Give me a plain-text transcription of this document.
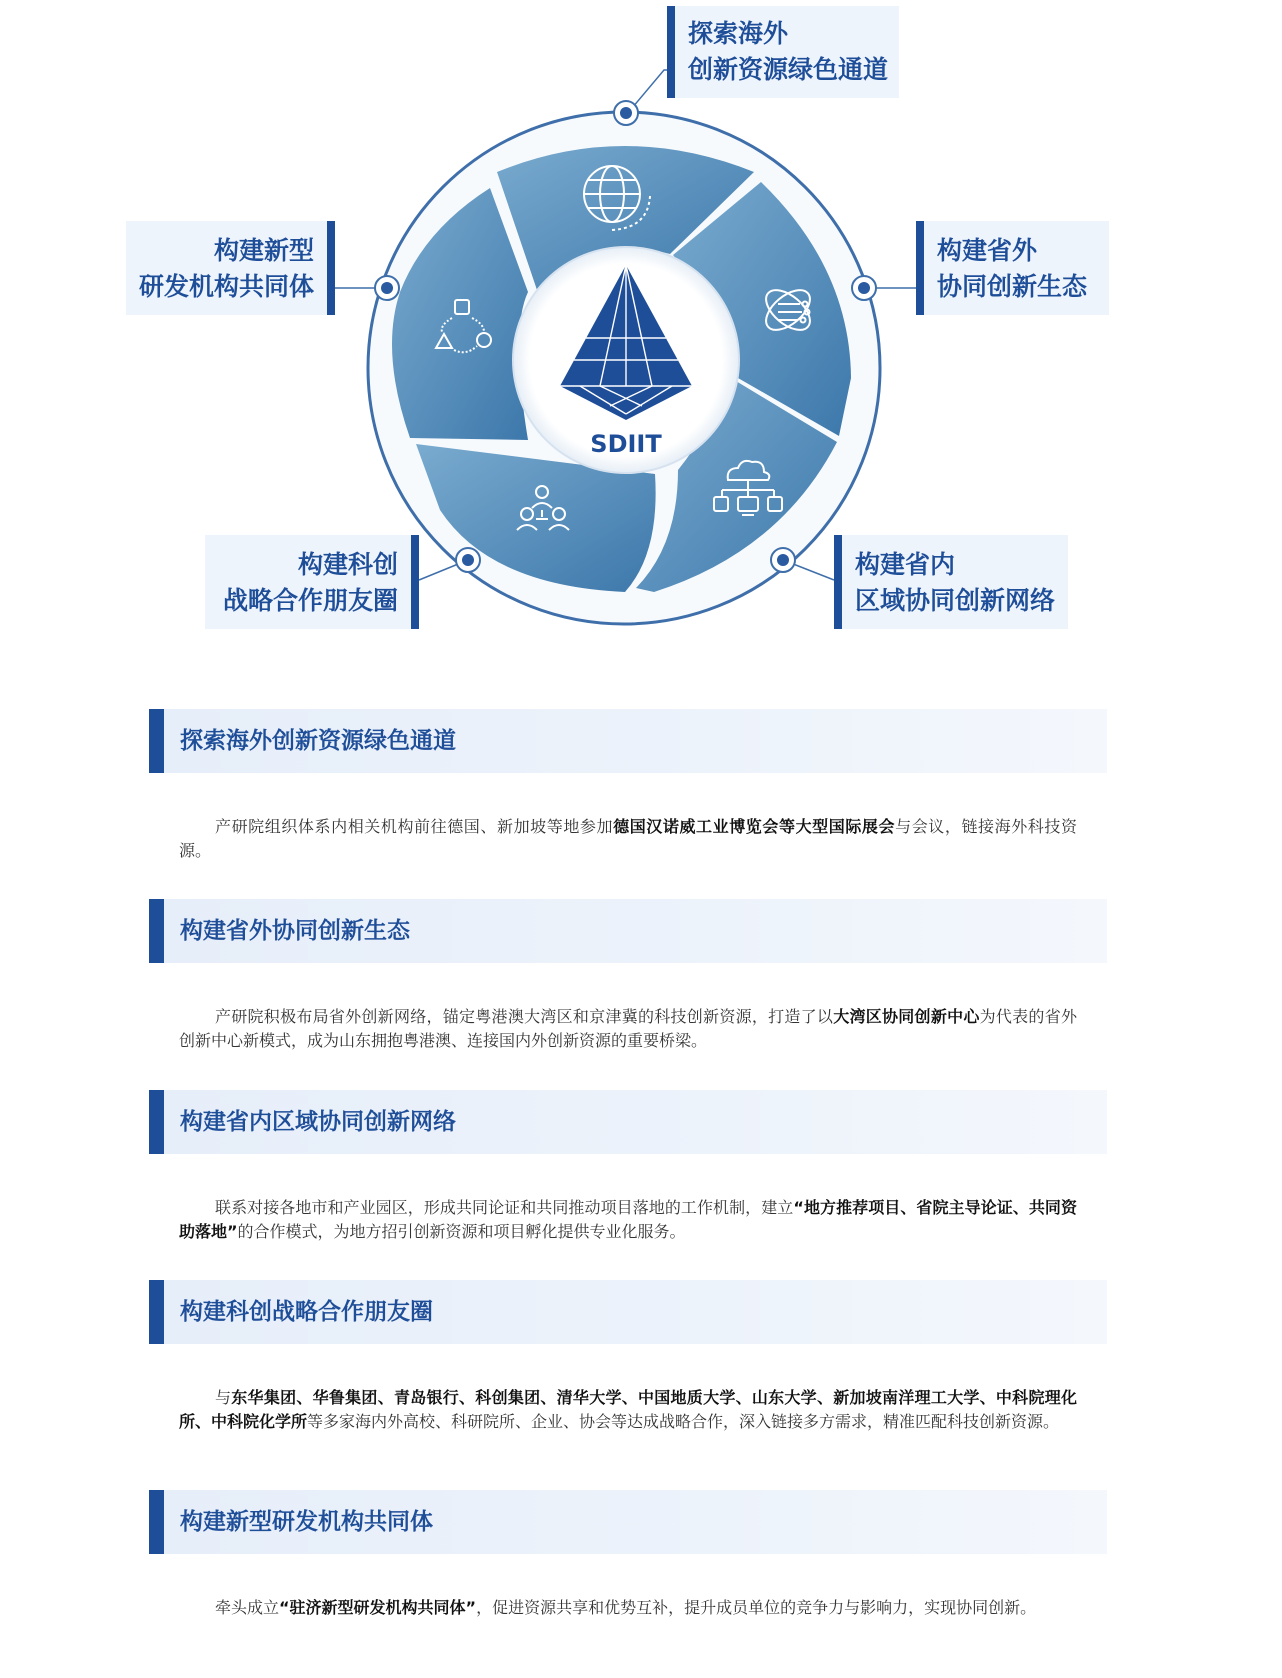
SDIIT
探索海外
创新资源绿色通道
构建省外
协同创新生态
构建省内
区域协同创新网络
构建科创
战略合作朋友圈
构建新型
研发机构共同体
探索海外创新资源绿色通道

产研院组织体系内相关机构前往德国、新加坡等地参加德国汉诺威工业博览会等大型国际展会与会议，链接海外科技资源。

构建省外协同创新生态

产研院积极布局省外创新网络，锚定粤港澳大湾区和京津冀的科技创新资源，打造了以大湾区协同创新中心为代表的省外创新中心新模式，成为山东拥抱粤港澳、连接国内外创新资源的重要桥梁。

构建省内区域协同创新网络

联系对接各地市和产业园区，形成共同论证和共同推动项目落地的工作机制，建立“地方推荐项目、省院主导论证、共同资助落地”的合作模式，为地方招引创新资源和项目孵化提供专业化服务。

构建科创战略合作朋友圈

与东华集团、华鲁集团、青岛银行、科创集团、清华大学、中国地质大学、山东大学、新加坡南洋理工大学、中科院理化所、中科院化学所等多家海内外高校、科研院所、企业、协会等达成战略合作，深入链接多方需求，精准匹配科技创新资源。

构建新型研发机构共同体

牵头成立“驻济新型研发机构共同体”，促进资源共享和优势互补，提升成员单位的竞争力与影响力，实现协同创新。
